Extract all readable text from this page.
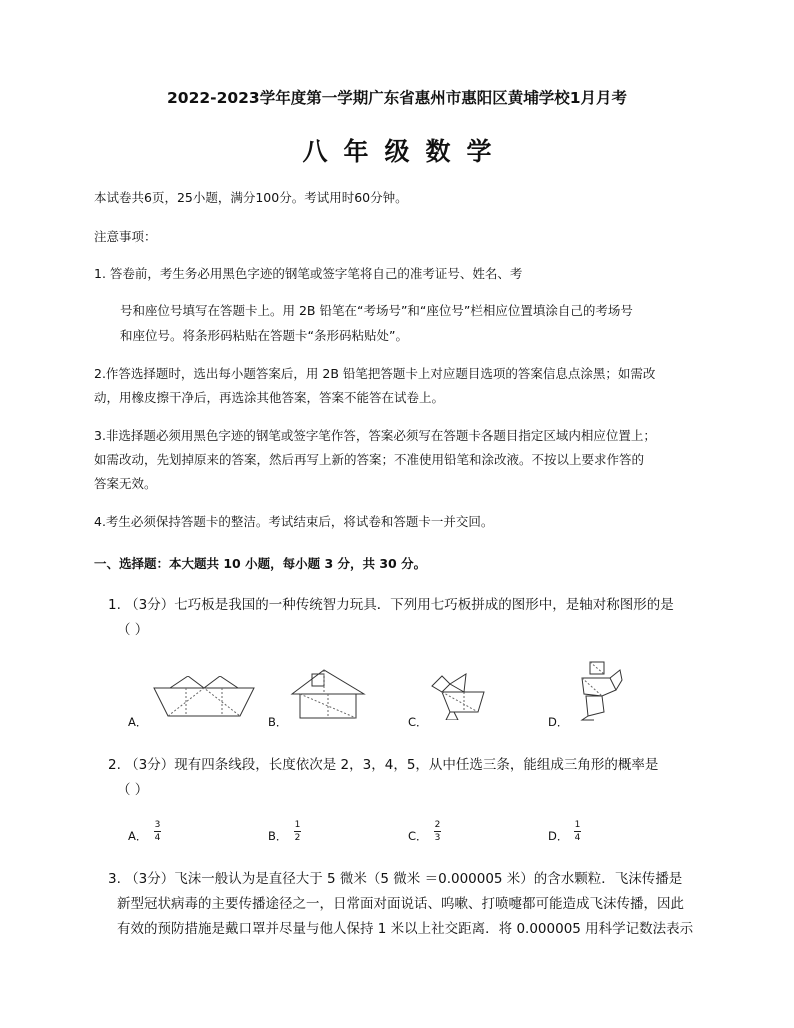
2022-2023学年度第一学期广东省惠州市惠阳区黄埔学校1月月考
八年级数学
本试卷共6页，25小题，满分100分。考试用时60分钟。
注意事项：
1. 答卷前，考生务必用黑色字迹的钢笔或签字笔将自己的准考证号、姓名、考
号和座位号填写在答题卡上。用 2B 铅笔在“考场号”和“座位号”栏相应位置填涂自己的考场号
和座位号。将条形码粘贴在答题卡“条形码粘贴处”。
2.作答选择题时，选出每小题答案后，用 2B 铅笔把答题卡上对应题目选项的答案信息点涂黑；如需改
动，用橡皮擦干净后，再选涂其他答案，答案不能答在试卷上。
3.非选择题必须用黑色字迹的钢笔或签字笔作答，答案必须写在答题卡各题目指定区域内相应位置上；
如需改动，先划掉原来的答案，然后再写上新的答案；不准使用铅笔和涂改液。不按以上要求作答的
答案无效。
4.考生必须保持答题卡的整洁。考试结束后，将试卷和答题卡一并交回。
一、选择题：本大题共 10 小题，每小题 3 分，共 30 分。
1. （3分）七巧板是我国的一种传统智力玩具．下列用七巧板拼成的图形中，是轴对称图形的是
（ ）
A．	B．	C．	D．
2. （3分）现有四条线段，长度依次是 2，3，4，5，从中任选三条，能组成三角形的概率是
（ ）
A．
3
4	B．
1
2	C．
2
3	D．
1
4
3. （3分）飞沫一般认为是直径大于 5 微米（5 微米 ＝0.000005 米）的含水颗粒．飞沫传播是
新型冠状病毒的主要传播途径之一，日常面对面说话、呜嗽、打喷嚏都可能造成飞沫传播，因此
有效的预防措施是戴口罩并尽量与他人保持 1 米以上社交距离．将 0.000005 用科学记数法表示
